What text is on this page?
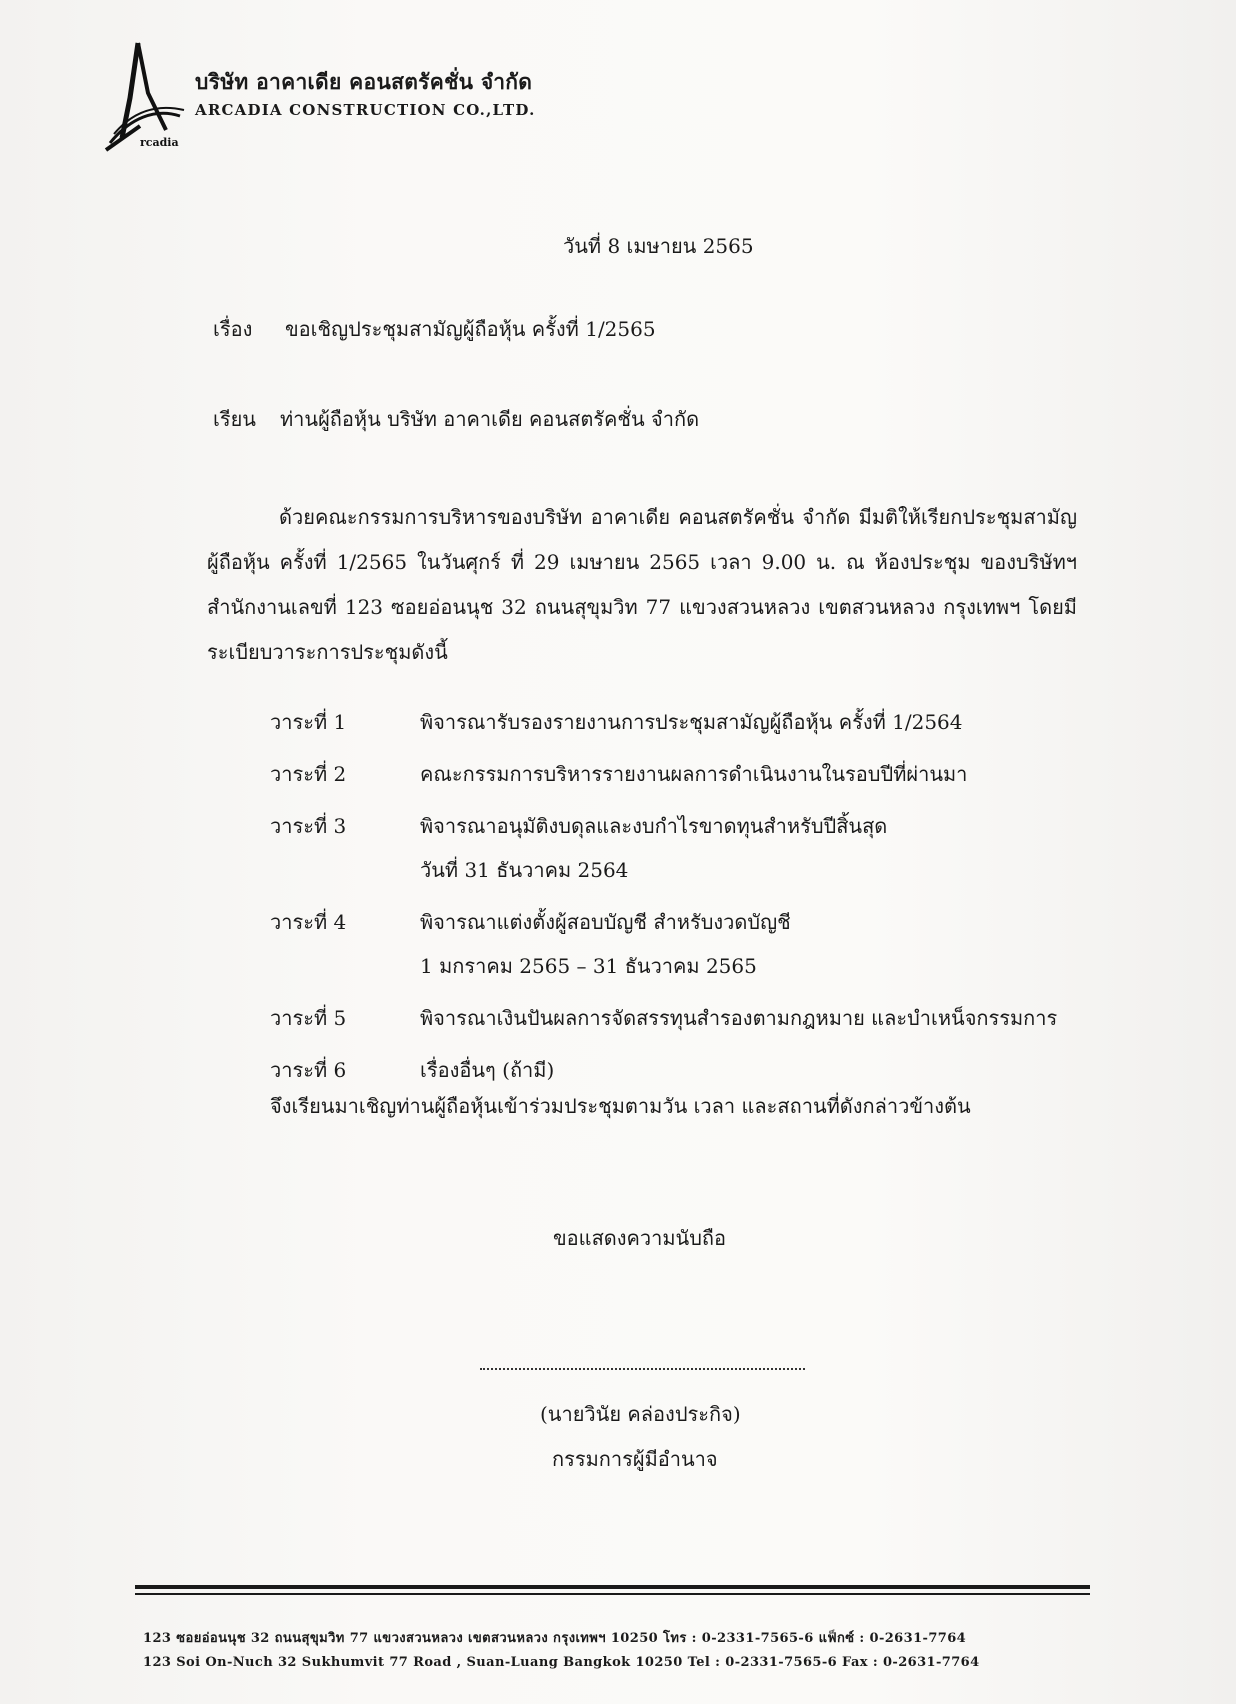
rcadia
บริษัท อาคาเดีย คอนสตรัคชั่น จำกัด
ARCADIA CONSTRUCTION CO.,LTD.
วันที่ 8 เมษายน 2565
เรื่อง ขอเชิญประชุมสามัญผู้ถือหุ้น ครั้งที่ 1/2565
เรียน ท่านผู้ถือหุ้น บริษัท อาคาเดีย คอนสตรัคชั่น จำกัด
ด้วยคณะกรรมการบริหารของบริษัท อาคาเดีย คอนสตรัคชั่น จำกัด มีมติให้เรียกประชุมสามัญผู้ถือหุ้น ครั้งที่ 1/2565 ในวันศุกร์ ที่ 29 เมษายน 2565 เวลา 9.00 น. ณ ห้องประชุม ของบริษัทฯ สำนักงานเลขที่ 123 ซอยอ่อนนุช 32 ถนนสุขุมวิท 77 แขวงสวนหลวง เขตสวนหลวง กรุงเทพฯ โดยมีระเบียบวาระการประชุมดังนี้
วาระที่ 1	พิจารณารับรองรายงานการประชุมสามัญผู้ถือหุ้น ครั้งที่ 1/2564
วาระที่ 2	คณะกรรมการบริหารรายงานผลการดำเนินงานในรอบปีที่ผ่านมา
วาระที่ 3	พิจารณาอนุมัติงบดุลและงบกำไรขาดทุนสำหรับปีสิ้นสุด
วันที่ 31 ธันวาคม 2564
วาระที่ 4	พิจารณาแต่งตั้งผู้สอบบัญชี สำหรับงวดบัญชี
1 มกราคม 2565 – 31 ธันวาคม 2565
วาระที่ 5	พิจารณาเงินปันผลการจัดสรรทุนสำรองตามกฎหมาย และบำเหน็จกรรมการ
วาระที่ 6	เรื่องอื่นๆ (ถ้ามี)
จึงเรียนมาเชิญท่านผู้ถือหุ้นเข้าร่วมประชุมตามวัน เวลา และสถานที่ดังกล่าวข้างต้น
ขอแสดงความนับถือ
(นายวินัย คล่องประกิจ)
กรรมการผู้มีอำนาจ
123 ซอยอ่อนนุช 32 ถนนสุขุมวิท 77 แขวงสวนหลวง เขตสวนหลวง กรุงเทพฯ 10250 โทร : 0-2331-7565-6 แฟ็กซ์ : 0-2631-7764
123 Soi On-Nuch 32 Sukhumvit 77 Road , Suan-Luang Bangkok 10250 Tel : 0-2331-7565-6 Fax : 0-2631-7764
